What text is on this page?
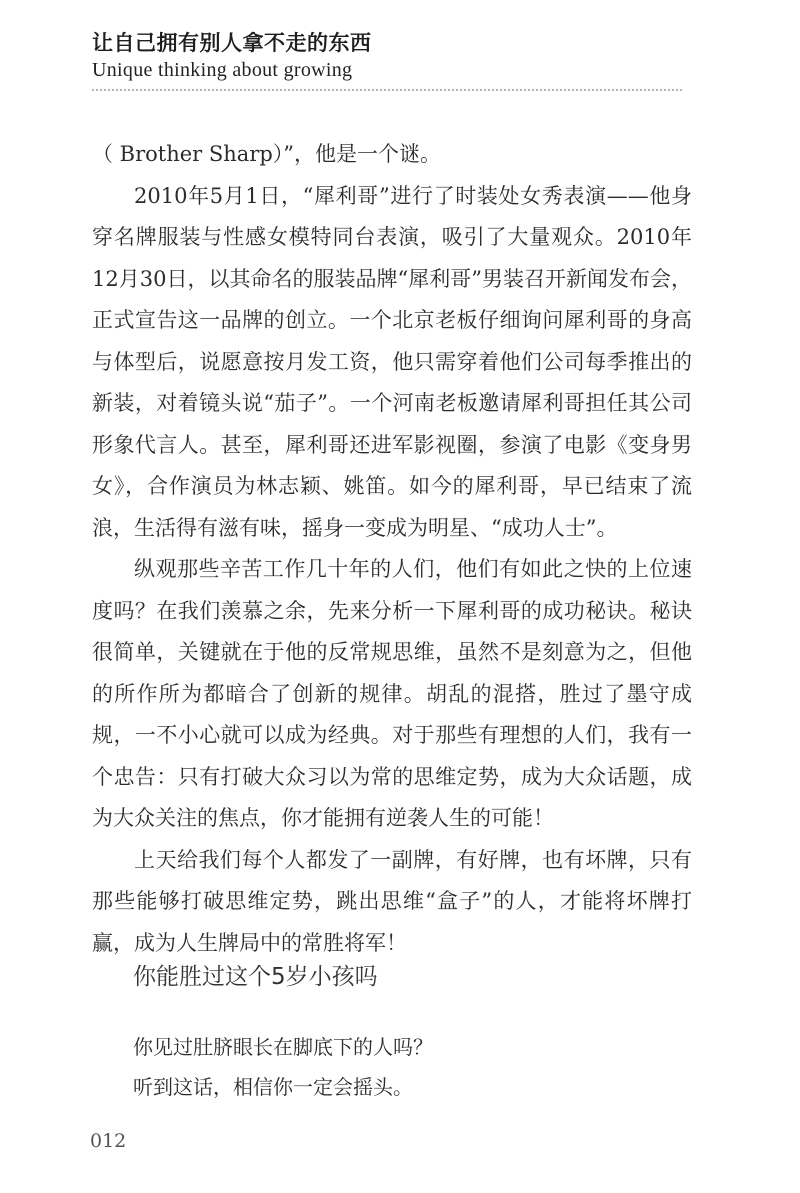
让自己拥有别人拿不走的东西
Unique thinking about growing

（ Brother Sharp）”，他是一个谜。

2010年5月1日，“犀利哥”进行了时装处女秀表演——他身穿名牌服装与性感女模特同台表演，吸引了大量观众。2010年12月30日，以其命名的服装品牌“犀利哥”男装召开新闻发布会，正式宣告这一品牌的创立。一个北京老板仔细询问犀利哥的身高与体型后，说愿意按月发工资，他只需穿着他们公司每季推出的新装，对着镜头说“茄子”。一个河南老板邀请犀利哥担任其公司形象代言人。甚至，犀利哥还进军影视圈，参演了电影《变身男女》，合作演员为林志颖、姚笛。如今的犀利哥，早已结束了流浪，生活得有滋有味，摇身一变成为明星、“成功人士”。

纵观那些辛苦工作几十年的人们，他们有如此之快的上位速度吗？在我们羡慕之余，先来分析一下犀利哥的成功秘诀。秘诀很简单，关键就在于他的反常规思维，虽然不是刻意为之，但他的所作所为都暗合了创新的规律。胡乱的混搭，胜过了墨守成规，一不小心就可以成为经典。对于那些有理想的人们，我有一个忠告：只有打破大众习以为常的思维定势，成为大众话题，成为大众关注的焦点，你才能拥有逆袭人生的可能！

上天给我们每个人都发了一副牌，有好牌，也有坏牌，只有那些能够打破思维定势，跳出思维“盒子”的人，才能将坏牌打赢，成为人生牌局中的常胜将军！

你能胜过这个5岁小孩吗

你见过肚脐眼长在脚底下的人吗？

听到这话，相信你一定会摇头。

012
